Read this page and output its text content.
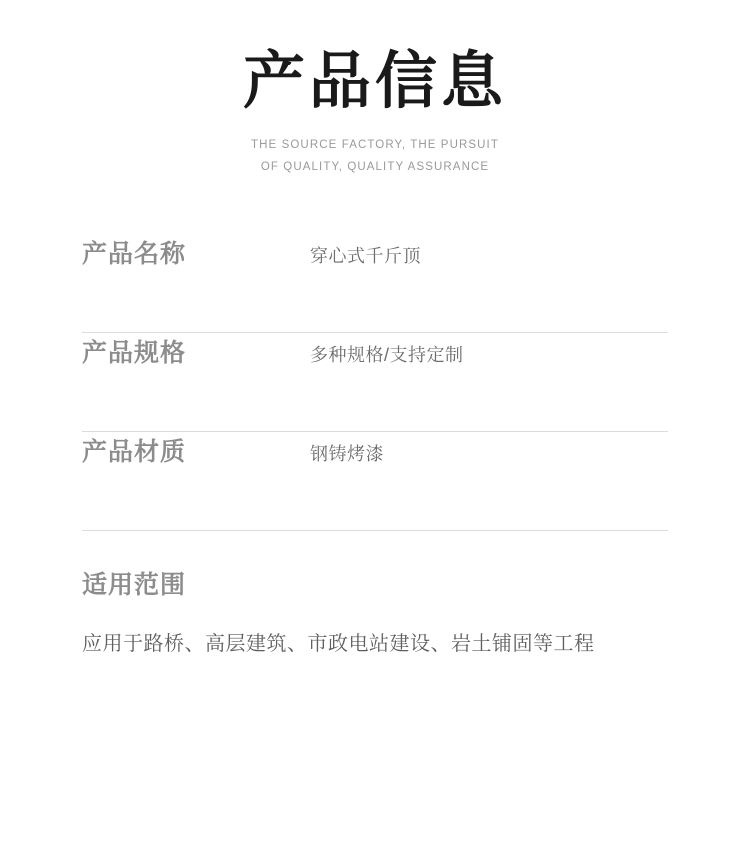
产品信息
THE SOURCE FACTORY, THE PURSUIT
OF QUALITY, QUALITY ASSURANCE
产品名称	穿心式千斤顶
产品规格	多种规格/支持定制
产品材质	钢铸烤漆
适用范围
应用于路桥、高层建筑、市政电站建设、岩土铺固等工程
